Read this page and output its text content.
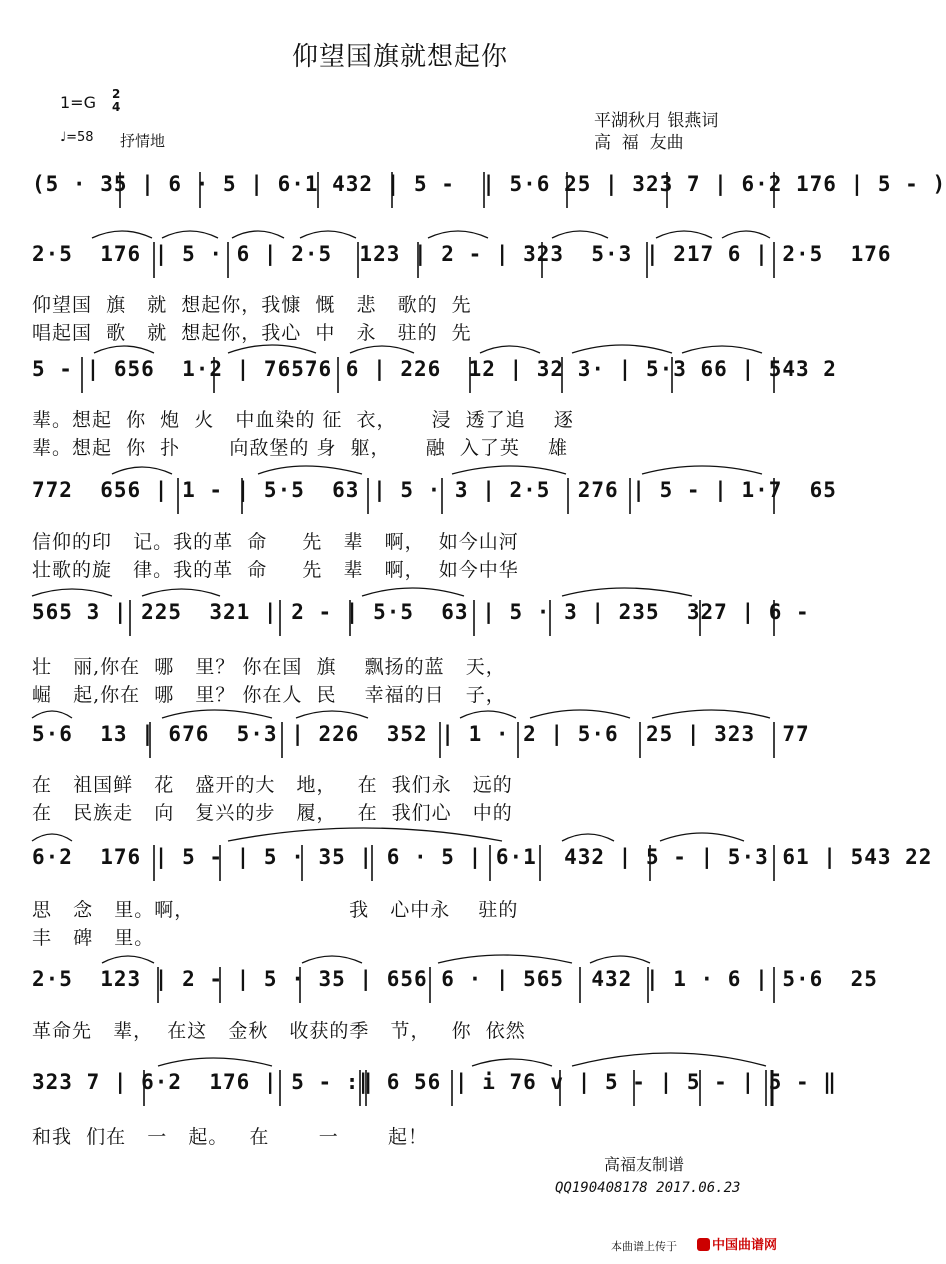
仰望国旗就想起你
1=G 2
4
♩=58 抒情地
平湖秋月 银燕词
高  福  友曲
(5 · 35 | 6 · 5 | 6·1 432 | 5 -  | 5·6 25 | 323 7 | 6·2 176 | 5 - )
2·5  176 | 5 · 6 | 2·5  123 | 2 - | 323  5·3 | 217 6 | 2·5  176
仰望国  旗   就  想起你，我慷  慨   悲   歌的  先
唱起国  歌   就  想起你，我心  中   永   驻的  先
5 - | 656  1·2 | 76576 6 | 226  12 | 32 3· | 5·3 66 | 543 2
辈。想起  你  炮  火   中血染的 征  衣，     浸  透了追    逐
辈。想起  你  扑       向敌堡的 身  躯，     融  入了英    雄
772  656 | 1 - | 5·5  63 | 5 · 3 | 2·5  276 | 5 - | 1·7  65
信仰的印   记。我的革  命     先   辈   啊，  如今山河
壮歌的旋   律。我的革  命     先   辈   啊，  如今中华
565 3 | 225  321 | 2 - | 5·5  63 | 5 · 3 | 235  327 | 6 -
壮   丽,你在  哪   里？ 你在国  旗    飘扬的蓝   天，
崛   起,你在  哪   里？ 你在人  民    幸福的日   子，
5·6  13 | 676  5·3 | 226  352 | 1 · 2 | 5·6  25 | 323  77
在   祖国鲜   花   盛开的大   地，   在  我们永   远的
在   民族走   向   复兴的步   履，   在  我们心   中的
6·2  176 | 5 - | 5 · 35 | 6 · 5 | 6·1  432 | 5 - | 5·3 61 | 543 22
思   念   里。啊，                      我   心中永    驻的
丰   碑   里。
2·5  123 | 2 - | 5 · 35 | 656 6 · | 565  432 | 1 · 6 | 5·6  25
革命先   辈，  在这   金秋   收获的季   节，   你  依然
323 7 | 6·2  176 | 5 - :‖ 6 56 | i 76 v | 5 - | 5 - | 5 - ‖
和我  们在   一   起。   在       一       起！
高福友制谱
QQ190408178 2017.06.23
本曲谱上传于	中国曲谱网
